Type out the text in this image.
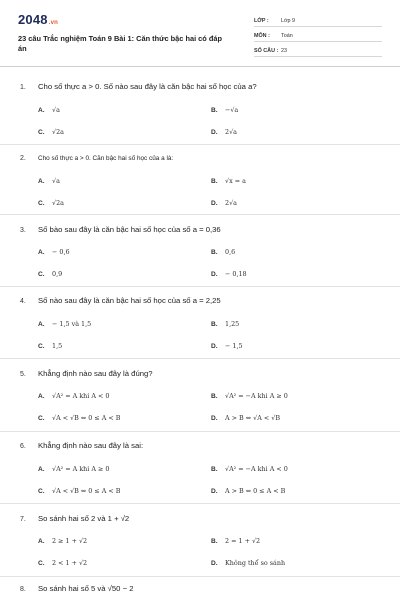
2048.vn
23 câu Trắc nghiệm Toán 9 Bài 1: Căn thức bậc hai có đáp án
LỚP :	Lớp 9
MÔN :	Toán
SỐ CÂU : 23
1.	Cho số thực a > 0. Số nào sau đây là căn bậc hai số học của a?
A.	√a	B.	−√a
C.	√2a	D.	2√a
2.	Cho số thực a > 0. Căn bậc hai số học của a là:
A.	√a	B.	√x = a
C.	√2a	D.	2√a
3.	Số bào sau đây là căn bậc hai số học của số a = 0,36
A.	− 0,6	B.	0,6
C.	0,9	D.	− 0,18
4.	Số nào sau đây là căn bậc hai số học của số a = 2,25
A.	− 1,5 và 1,5	B.	1,25
C.	1,5	D.	− 1,5
5.	Khẳng định nào sau đây là đúng?
A.	√A² = A khi A < 0	B.	√A² = −A khi A ≥ 0
C.	√A < √B ⇔ 0 ≤ A < B	D.	A > B ⇔ √A < √B
6.	Khẳng định nào sau đây là sai:
A.	√A² = A khi A ≥ 0	B.	√A² = −A khi A < 0
C.	√A < √B ⇔ 0 ≤ A < B	D.	A > B ⇔ 0 ≤ A < B
7.	So sánh hai số 2 và 1 + √2
A.	2 ≥ 1 + √2	B.	2 = 1 + √2
C.	2 < 1 + √2	D.	Không thể so sánh
8.	So sánh hai số 5 và √50 − 2
